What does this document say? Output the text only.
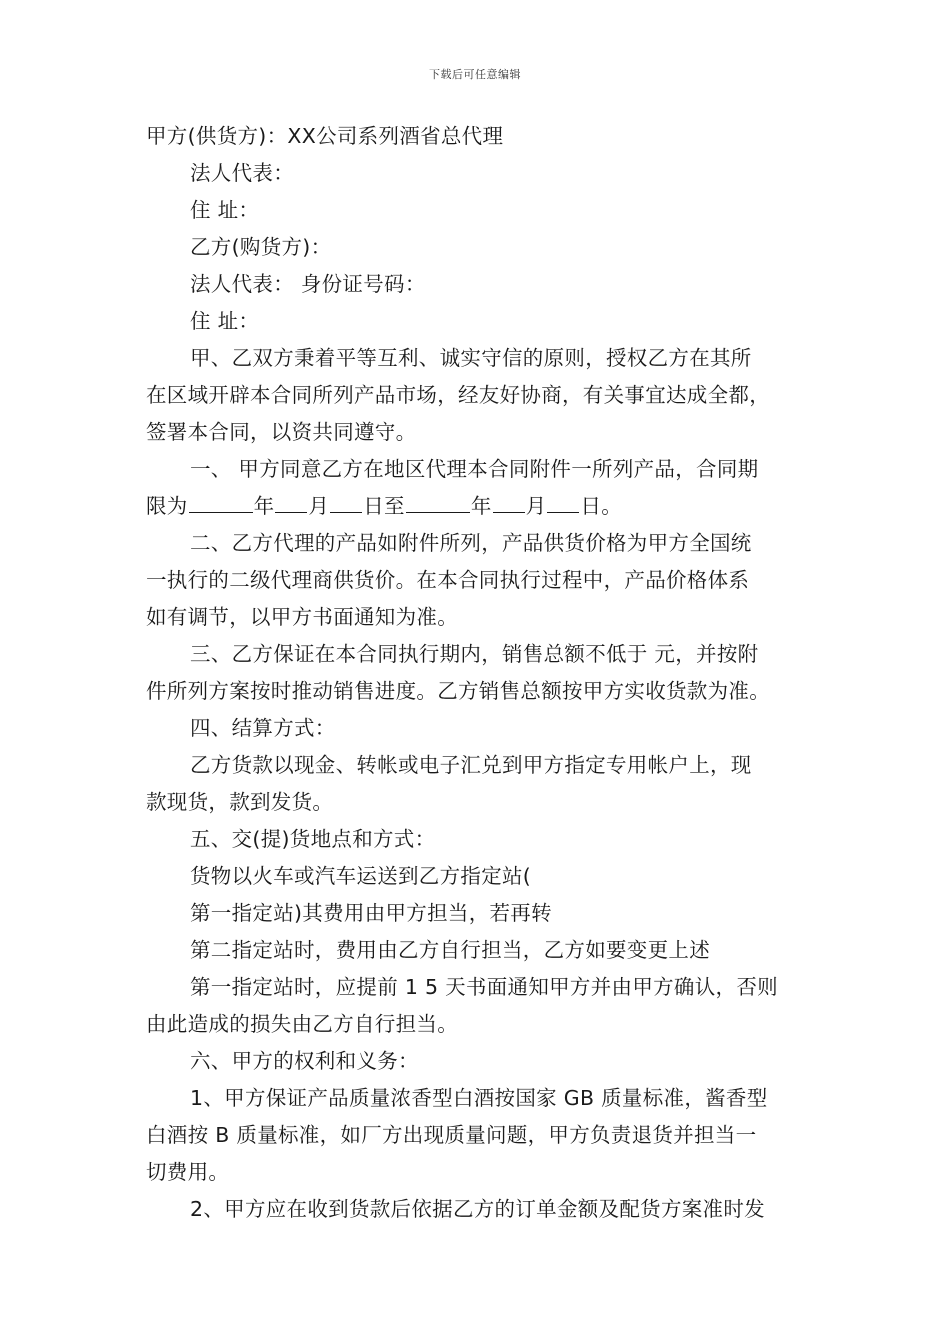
下载后可任意编辑
甲方(供货方)：XX公司系列酒省总代理
法人代表：
住 址：
乙方(购货方)：
法人代表： 身份证号码：
住 址：
甲、乙双方秉着平等互利、诚实守信的原则，授权乙方在其所
在区域开辟本合同所列产品市场，经友好协商，有关事宜达成全都，
签署本合同，以资共同遵守。
一、 甲方同意乙方在地区代理本合同附件一所列产品，合同期
限为	年 月 日至	年 月 日。
二、乙方代理的产品如附件所列，产品供货价格为甲方全国统
一执行的二级代理商供货价。在本合同执行过程中，产品价格体系
如有调节，以甲方书面通知为准。
三、乙方保证在本合同执行期内，销售总额不低于 元，并按附
件所列方案按时推动销售进度。乙方销售总额按甲方实收货款为准。
四、结算方式：
乙方货款以现金、转帐或电子汇兑到甲方指定专用帐户上，现
款现货，款到发货。
五、交(提)货地点和方式：
货物以火车或汽车运送到乙方指定站(
第一指定站)其费用由甲方担当，若再转
第二指定站时，费用由乙方自行担当，乙方如要变更上述
第一指定站时，应提前 1 5 天书面通知甲方并由甲方确认，否则
由此造成的损失由乙方自行担当。
六、甲方的权利和义务：
1、甲方保证产品质量浓香型白酒按国家 GB 质量标准，酱香型
白酒按 B 质量标准，如厂方出现质量问题，甲方负责退货并担当一
切费用。
2、甲方应在收到货款后依据乙方的订单金额及配货方案准时发
